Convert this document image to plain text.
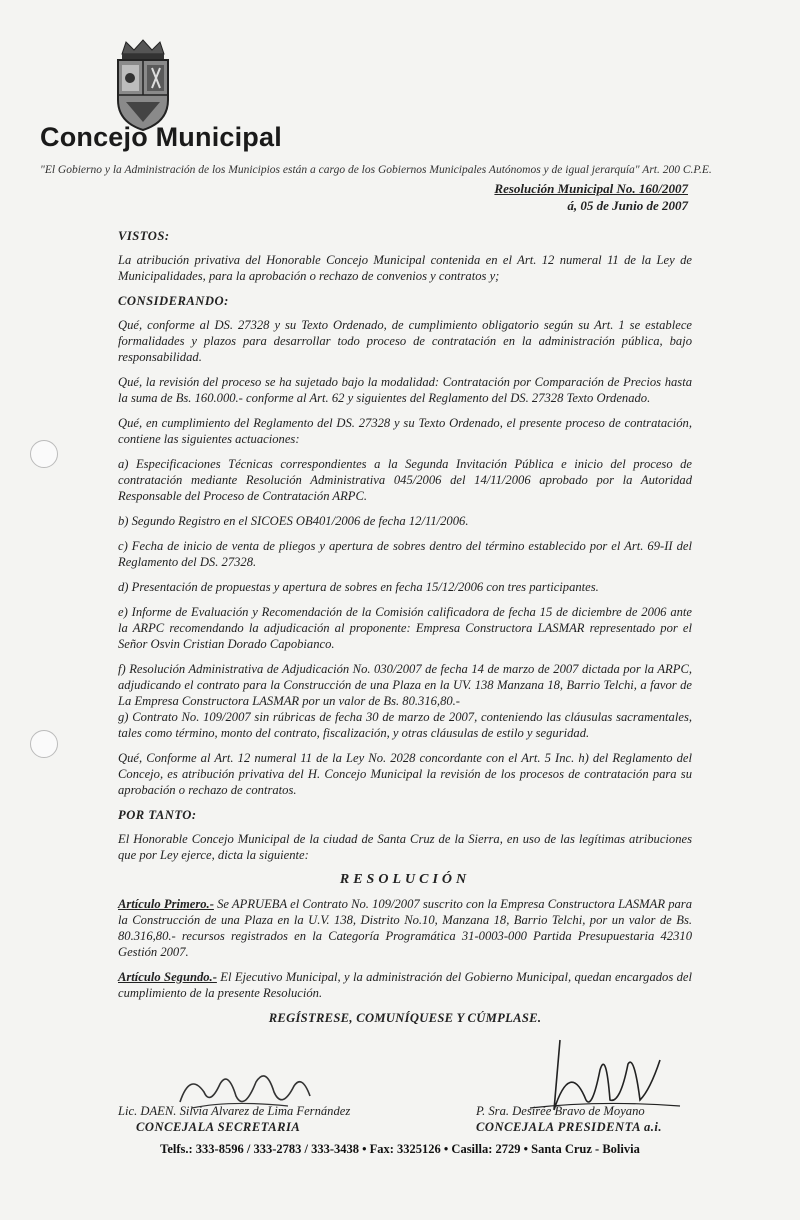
Concejo Municipal
"El Gobierno y la Administración de los Municipios están a cargo de los Gobiernos Municipales Autónomos y de igual jerarquía" Art. 200 C.P.E.
Resolución Municipal No. 160/2007
á, 05 de Junio de 2007

VISTOS:

La atribución privativa del Honorable Concejo Municipal contenida en el Art. 12 numeral 11 de la Ley de Municipalidades, para la aprobación o rechazo de convenios y contratos y;

CONSIDERANDO:

Qué, conforme al DS. 27328 y su Texto Ordenado, de cumplimiento obligatorio según su Art. 1 se establece formalidades y plazos para desarrollar todo proceso de contratación en la administración pública, bajo responsabilidad.

Qué, la revisión del proceso se ha sujetado bajo la modalidad: Contratación por Comparación de Precios hasta la suma de Bs. 160.000.- conforme al Art. 62 y siguientes del Reglamento del DS. 27328 Texto Ordenado.

Qué, en cumplimiento del Reglamento del DS. 27328 y su Texto Ordenado, el presente proceso de contratación, contiene las siguientes actuaciones:

a) Especificaciones Técnicas correspondientes a la Segunda Invitación Pública e inicio del proceso de contratación mediante Resolución Administrativa 045/2006 del 14/11/2006 aprobado por la Autoridad Responsable del Proceso de Contratación ARPC.

b) Segundo Registro en el SICOES OB401/2006 de fecha 12/11/2006.

c) Fecha de inicio de venta de pliegos y apertura de sobres dentro del término establecido por el Art. 69-II del Reglamento del DS. 27328.

d) Presentación de propuestas y apertura de sobres en fecha 15/12/2006 con tres participantes.

e) Informe de Evaluación y Recomendación de la Comisión calificadora de fecha 15 de diciembre de 2006 ante la ARPC recomendando la adjudicación al proponente: Empresa Constructora LASMAR representado por el Señor Osvin Cristian Dorado Capobianco.

f) Resolución Administrativa de Adjudicación No. 030/2007 de fecha 14 de marzo de 2007 dictada por la ARPC, adjudicando el contrato para la Construcción de una Plaza en la UV. 138 Manzana 18, Barrio Telchi, a favor de La Empresa Constructora LASMAR por un valor de Bs. 80.316,80.-

g) Contrato No. 109/2007 sin rúbricas de fecha 30 de marzo de 2007, conteniendo las cláusulas sacramentales, tales como término, monto del contrato, fiscalización, y otras cláusulas de estilo y seguridad.

Qué, Conforme al Art. 12 numeral 11 de la Ley No. 2028 concordante con el Art. 5 Inc. h) del Reglamento del Concejo, es atribución privativa del H. Concejo Municipal la revisión de los procesos de contratación para su aprobación o rechazo de contratos.

POR TANTO:

El Honorable Concejo Municipal de la ciudad de Santa Cruz de la Sierra, en uso de las legítimas atribuciones que por Ley ejerce, dicta la siguiente:

RESOLUCIÓN

Artículo Primero.- Se APRUEBA el Contrato No. 109/2007 suscrito con la Empresa Constructora LASMAR para la Construcción de una Plaza en la U.V. 138, Distrito No.10, Manzana 18, Barrio Telchi, por un valor de Bs. 80.316,80.- recursos registrados en la Categoría Programática 31-0003-000 Partida Presupuestaria 42310 Gestión 2007.

Artículo Segundo.- El Ejecutivo Municipal, y la administración del Gobierno Municipal, quedan encargados del cumplimiento de la presente Resolución.

REGÍSTRESE, COMUNÍQUESE Y CÚMPLASE.

Lic. DAEN. Silvia Alvarez de Lima Fernández
CONCEJALA SECRETARIA
P. Sra. Desirée Bravo de Moyano
CONCEJALA PRESIDENTA a.i.
Telfs.: 333-8596 / 333-2783 / 333-3438 • Fax: 3325126 • Casilla: 2729 • Santa Cruz - Bolivia
